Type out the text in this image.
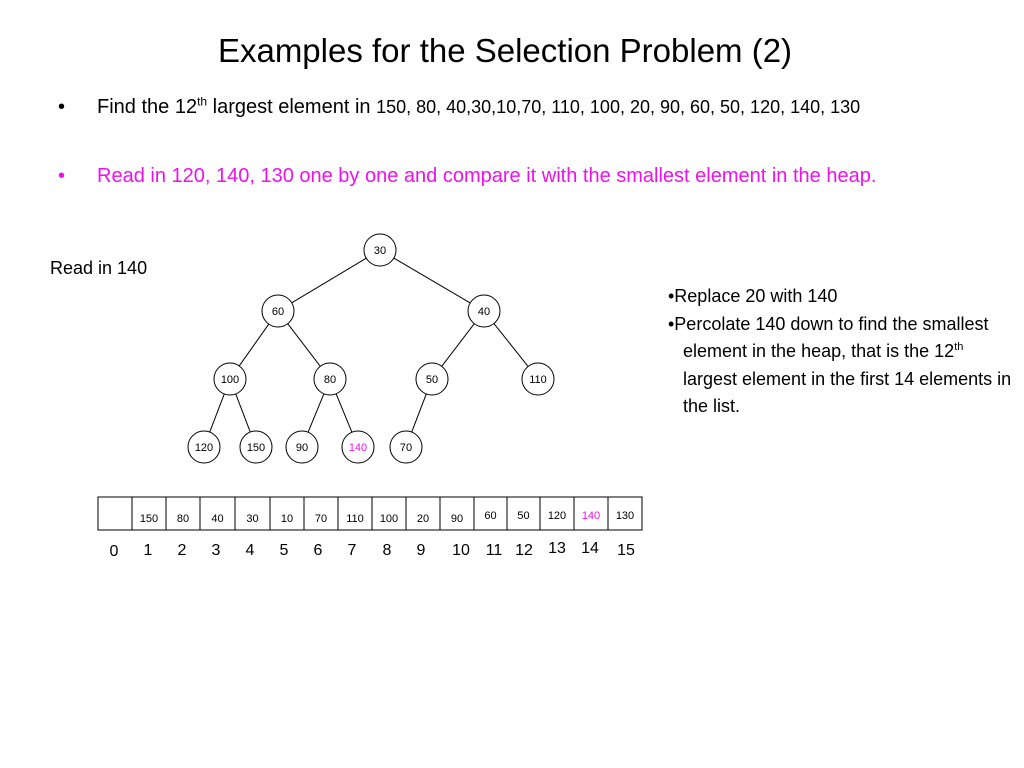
Examples for the Selection Problem (2)
• Find the 12th largest element in 150, 80, 40,30,10,70, 110, 100, 20, 90, 60, 50, 120, 140, 130
• Read in 120, 140, 130 one by one and compare it with the smallest element in the heap.
Read in 140

•Replace 20 with 140

•Percolate 140 down to find the smallest element in the heap, that is the 12th largest element in the first 14 elements in the list.

30
60	40
100	80	50	110
120	150	90	140	70
150 80 40 30 10 70 110 100 20 90 60 50 120 140 130
0 1 2 3 4 5 6 7 8 9 10 11 12 13 14 15
